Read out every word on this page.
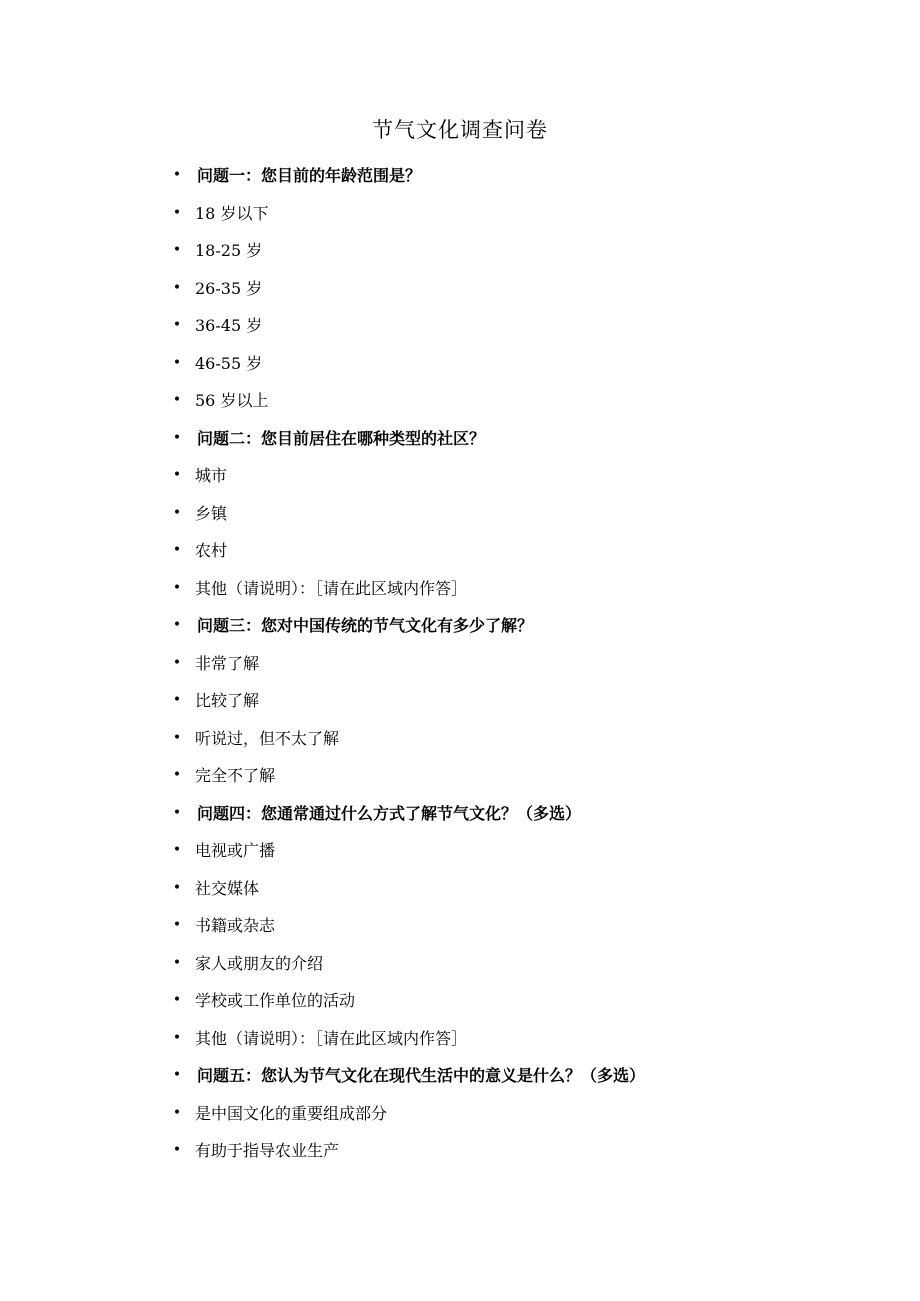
节气文化调查问卷
• 问题一：您目前的年龄范围是？
• 18 岁以下
• 18-25 岁
• 26-35 岁
• 36-45 岁
• 46-55 岁
• 56 岁以上
• 问题二：您目前居住在哪种类型的社区？
• 城市
• 乡镇
• 农村
• 其他（请说明）：［请在此区域内作答］
• 问题三：您对中国传统的节气文化有多少了解？
• 非常了解
• 比较了解
• 听说过，但不太了解
• 完全不了解
• 问题四：您通常通过什么方式了解节气文化？（多选）
• 电视或广播
• 社交媒体
• 书籍或杂志
• 家人或朋友的介绍
• 学校或工作单位的活动
• 其他（请说明）：［请在此区域内作答］
• 问题五：您认为节气文化在现代生活中的意义是什么？（多选）
• 是中国文化的重要组成部分
• 有助于指导农业生产
